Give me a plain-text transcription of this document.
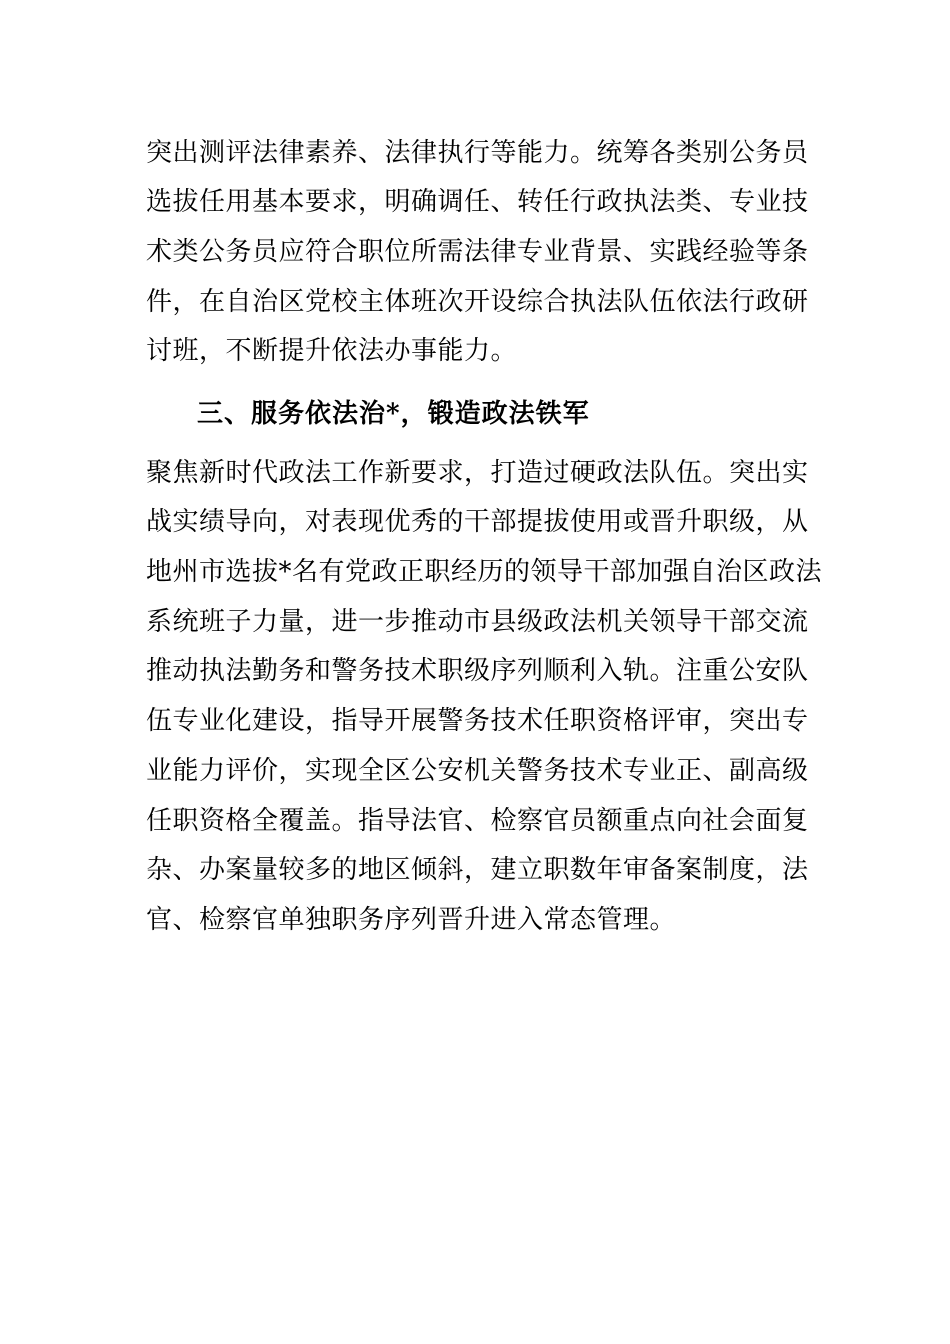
突出测评法律素养、法律执行等能力。统筹各类别公务员
选拔任用基本要求，明确调任、转任行政执法类、专业技
术类公务员应符合职位所需法律专业背景、实践经验等条
件，在自治区党校主体班次开设综合执法队伍依法行政研
讨班，不断提升依法办事能力。
三、服务依法治*，锻造政法铁军
聚焦新时代政法工作新要求，打造过硬政法队伍。突出实
战实绩导向，对表现优秀的干部提拔使用或晋升职级，从
地州市选拔*名有党政正职经历的领导干部加强自治区政法
系统班子力量，进一步推动市县级政法机关领导干部交流
推动执法勤务和警务技术职级序列顺利入轨。注重公安队
伍专业化建设，指导开展警务技术任职资格评审，突出专
业能力评价，实现全区公安机关警务技术专业正、副高级
任职资格全覆盖。指导法官、检察官员额重点向社会面复
杂、办案量较多的地区倾斜，建立职数年审备案制度，法
官、检察官单独职务序列晋升进入常态管理。
